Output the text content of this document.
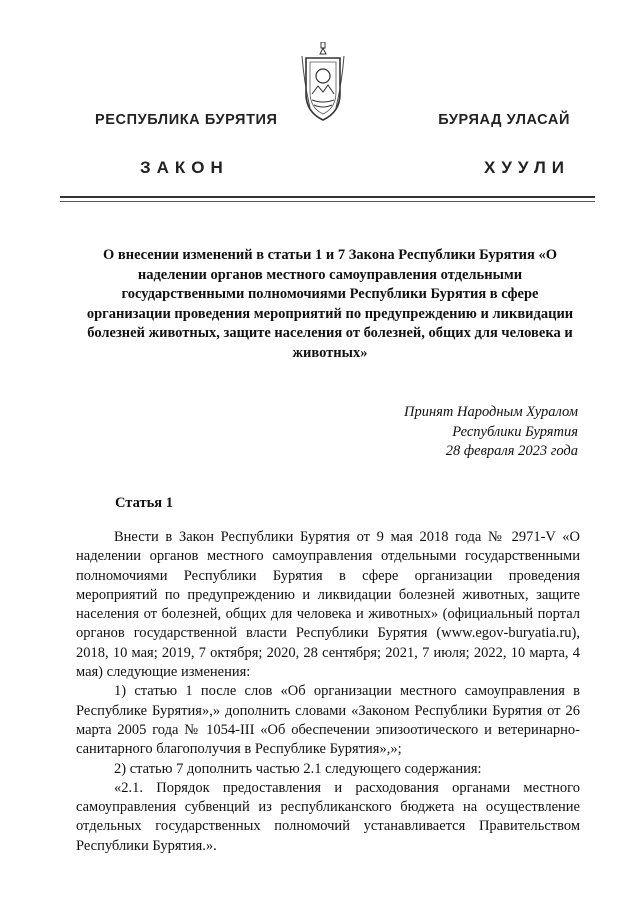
РЕСПУБЛИКА БУРЯТИЯ	БУРЯАД УЛАСАЙ
ЗАКОН	ХУУЛИ
О внесении изменений в статьи 1 и 7 Закона Республики Бурятия «О наделении органов местного самоуправления отдельными государственными полномочиями Республики Бурятия в сфере организации проведения мероприятий по предупреждению и ликвидации болезней животных, защите населения от болезней, общих для человека и животных»
Принят Народным Хуралом
Республики Бурятия
28 февраля 2023 года
Статья 1

Внести в Закон Республики Бурятия от 9 мая 2018 года № 2971-V «О наделении органов местного самоуправления отдельными государственными полномочиями Республики Бурятия в сфере организации проведения мероприятий по предупреждению и ликвидации болезней животных, защите населения от болезней, общих для человека и животных» (официальный портал органов государственной власти Республики Бурятия (www.egov-buryatia.ru), 2018, 10 мая; 2019, 7 октября; 2020, 28 сентября; 2021, 7 июля; 2022, 10 марта, 4 мая) следующие изменения:

1) статью 1 после слов «Об организации местного самоуправления в Республике Бурятия»,» дополнить словами «Законом Республики Бурятия от 26 марта 2005 года № 1054-III «Об обеспечении эпизоотического и ветеринарно-санитарного благополучия в Республике Бурятия»,»;

2) статью 7 дополнить частью 2.1 следующего содержания:

«2.1. Порядок предоставления и расходования органами местного самоуправления субвенций из республиканского бюджета на осуществление отдельных государственных полномочий устанавливается Правительством Республики Бурятия.».
